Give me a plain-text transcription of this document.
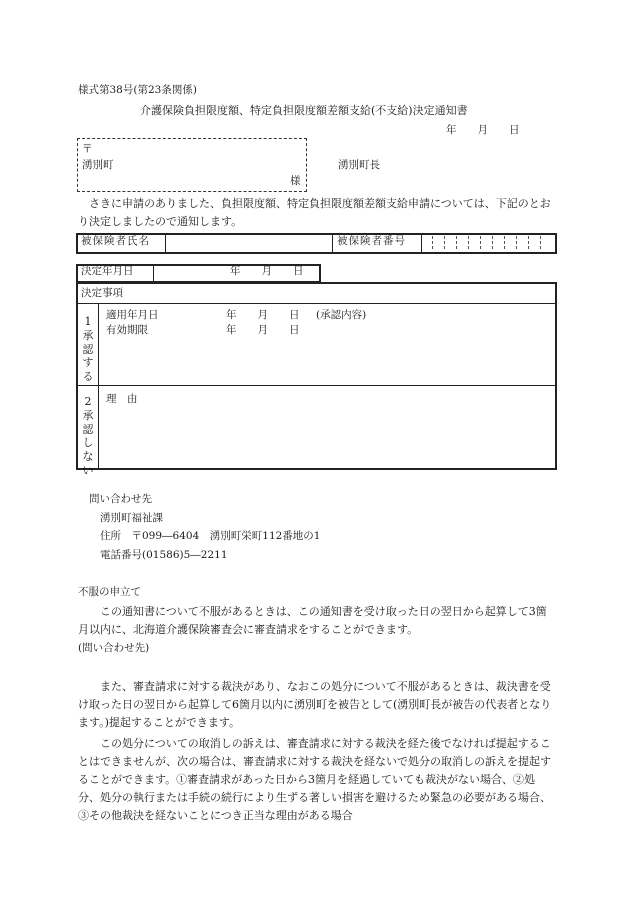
様式第38号(第23条関係)
介護保険負担限度額、特定負担限度額差額支給(不支給)決定通知書
年　　月　　日
〒
湧別町
様
湧別町長
さきに申請のありました、負担限度額、特定負担限度額差額支給申請については、下記のとおり決定しましたので通知します。
被保険者氏名	被保険者番号
決定年月日	年　　月　　日
決定事項
1承認する
適用年月日	年　　月　　日 (承認内容)
有効期限	年　　月　　日
2承認しない
理　由
問い合わせ先
湧別町福祉課
住所　〒099―6404　湧別町栄町112番地の1
電話番号(01586)5―2211
不服の申立て
この通知書について不服があるときは、この通知書を受け取った日の翌日から起算して3箇月以内に、北海道介護保険審査会に審査請求をすることができます。
(問い合わせ先)
また、審査請求に対する裁決があり、なおこの処分について不服があるときは、裁決書を受け取った日の翌日から起算して6箇月以内に湧別町を被告として(湧別町長が被告の代表者となります。)提起することができます。
この処分についての取消しの訴えは、審査請求に対する裁決を経た後でなければ提起することはできませんが、次の場合は、審査請求に対する裁決を経ないで処分の取消しの訴えを提起することができます。①審査請求があった日から3箇月を経過していても裁決がない場合、②処分、処分の執行または手続の続行により生ずる著しい損害を避けるため緊急の必要がある場合、③その他裁決を経ないことにつき正当な理由がある場合
